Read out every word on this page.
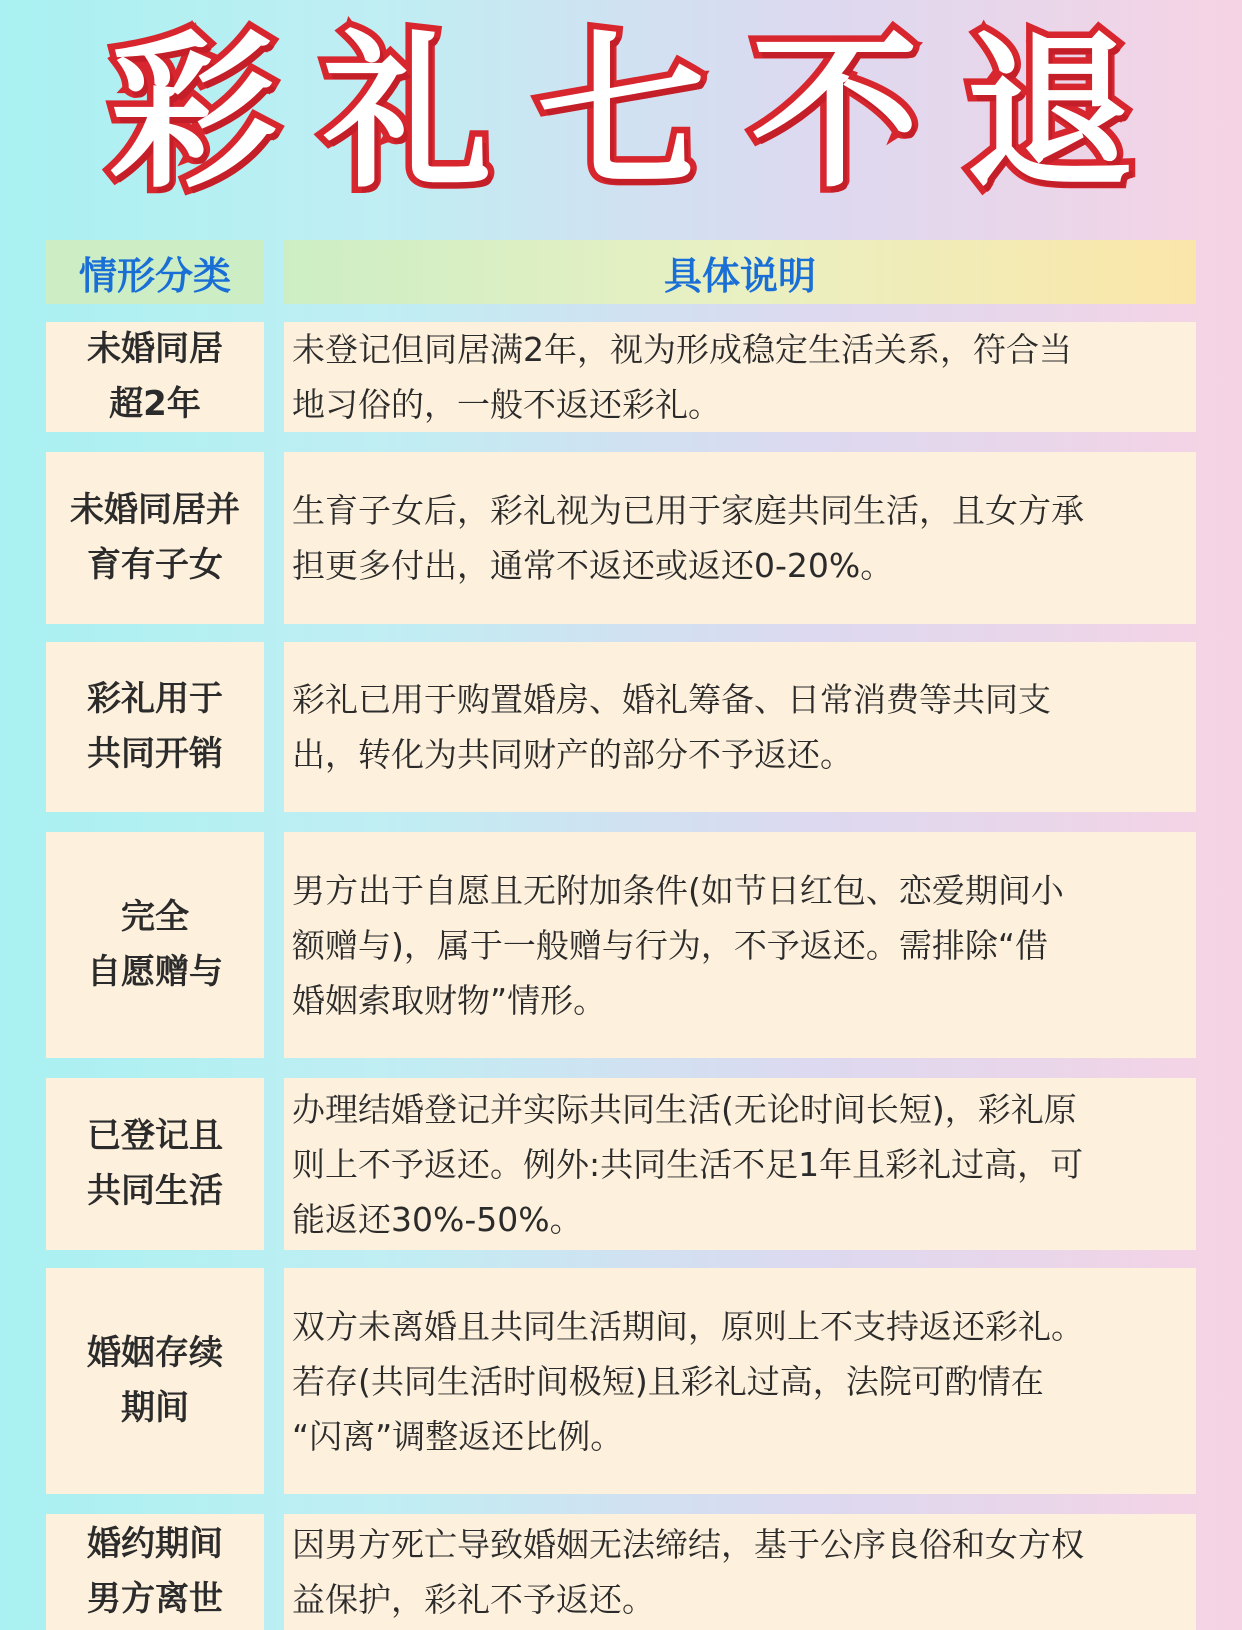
彩礼七不退
情形分类	具体说明
未婚同居
超2年
未登记但同居满2年，视为形成稳定生活关系，符合当
地习俗的，一般不返还彩礼。
未婚同居并
育有子女
生育子女后，彩礼视为已用于家庭共同生活，且女方承
担更多付出，通常不返还或返还0-20%。
彩礼用于
共同开销
彩礼已用于购置婚房、婚礼筹备、日常消费等共同支
出，转化为共同财产的部分不予返还。
完全
自愿赠与
男方出于自愿且无附加条件(如节日红包、恋爱期间小
额赠与)，属于一般赠与行为，不予返还。需排除“借
婚姻索取财物”情形。
已登记且
共同生活
办理结婚登记并实际共同生活(无论时间长短)，彩礼原
则上不予返还。例外:共同生活不足1年且彩礼过高，可
能返还30%-50%。
婚姻存续
期间
双方未离婚且共同生活期间，原则上不支持返还彩礼。
若存(共同生活时间极短)且彩礼过高，法院可酌情在
“闪离”调整返还比例。
婚约期间
男方离世
因男方死亡导致婚姻无法缔结，基于公序良俗和女方权
益保护，彩礼不予返还。
